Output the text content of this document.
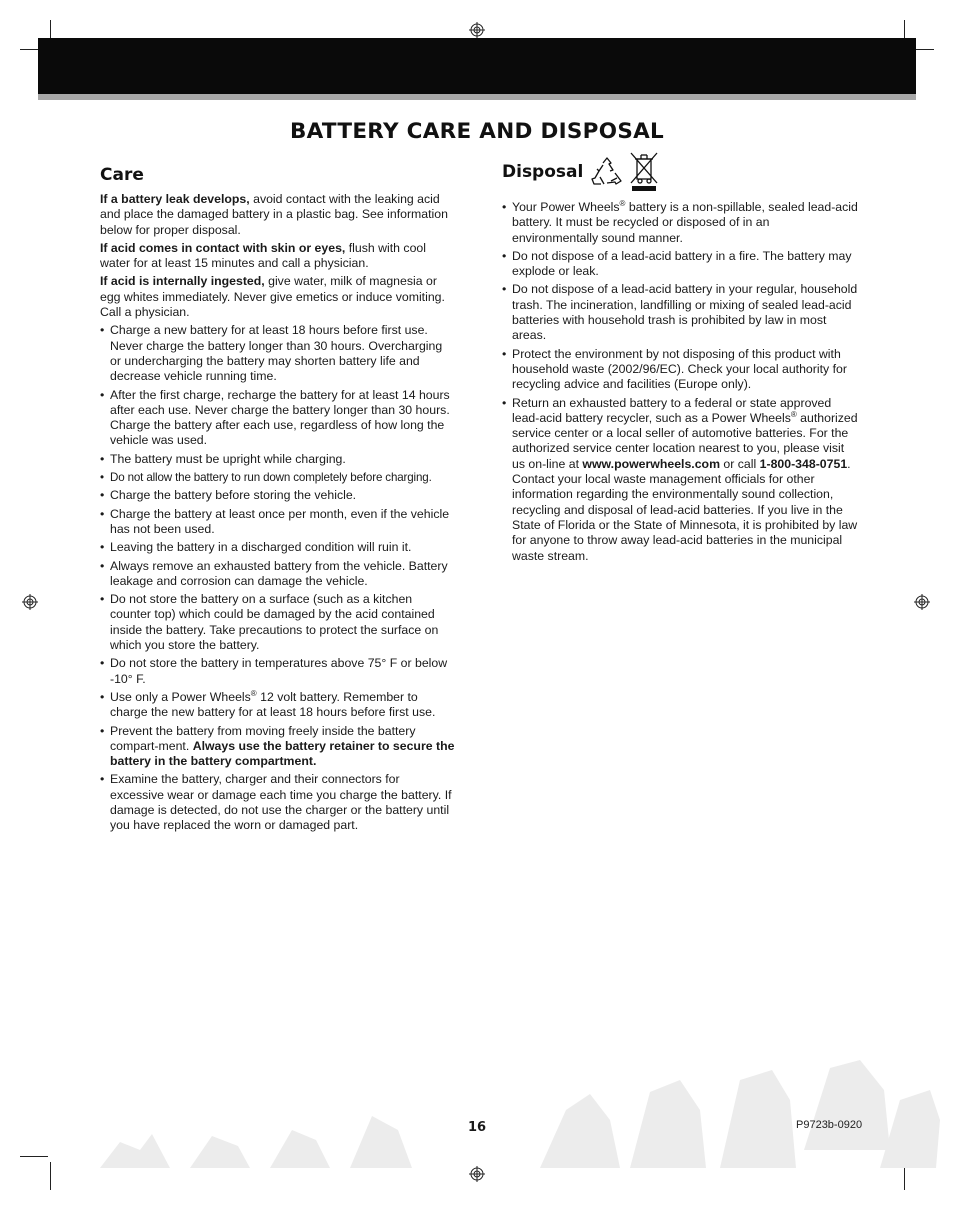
BATTERY CARE AND DISPOSAL
Care

If a battery leak develops, avoid contact with the leaking acid and place the damaged battery in a plastic bag. See information below for proper disposal.

If acid comes in contact with skin or eyes, flush with cool water for at least 15 minutes and call a physician.

If acid is internally ingested, give water, milk of magnesia or egg whites immediately. Never give emetics or induce vomiting. Call a physician.

• Charge a new battery for at least 18 hours before first use. Never charge the battery longer than 30 hours. Overcharging or undercharging the battery may shorten battery life and decrease vehicle running time.
• After the first charge, recharge the battery for at least 14 hours after each use. Never charge the battery longer than 30 hours. Charge the battery after each use, regardless of how long the vehicle was used.
• The battery must be upright while charging.
• Do not allow the battery to run down completely before charging.
• Charge the battery before storing the vehicle.
• Charge the battery at least once per month, even if the vehicle has not been used.
• Leaving the battery in a discharged condition will ruin it.
• Always remove an exhausted battery from the vehicle. Battery leakage and corrosion can damage the vehicle.
• Do not store the battery on a surface (such as a kitchen counter top) which could be damaged by the acid contained inside the battery. Take precautions to protect the surface on which you store the battery.
• Do not store the battery in temperatures above 75° F or below -10° F.
• Use only a Power Wheels® 12 volt battery. Remember to charge the new battery for at least 18 hours before first use.
• Prevent the battery from moving freely inside the battery compart-ment. Always use the battery retainer to secure the battery in the battery compartment.
• Examine the battery, charger and their connectors for excessive wear or damage each time you charge the battery. If damage is detected, do not use the charger or the battery until you have replaced the worn or damaged part.
Disposal
• Your Power Wheels® battery is a non-spillable, sealed lead-acid battery. It must be recycled or disposed of in an environmentally sound manner.
• Do not dispose of a lead-acid battery in a fire. The battery may explode or leak.
• Do not dispose of a lead-acid battery in your regular, household trash. The incineration, landfilling or mixing of sealed lead-acid batteries with household trash is prohibited by law in most areas.
• Protect the environment by not disposing of this product with household waste (2002/96/EC). Check your local authority for recycling advice and facilities (Europe only).
• Return an exhausted battery to a federal or state approved lead-acid battery recycler, such as a Power Wheels® authorized service center or a local seller of automotive batteries. For the authorized service center location nearest to you, please visit us on-line at www.powerwheels.com or call 1-800-348-0751. Contact your local waste management officials for other information regarding the environmentally sound collection, recycling and disposal of lead-acid batteries. If you live in the State of Florida or the State of Minnesota, it is prohibited by law for anyone to throw away lead-acid batteries in the municipal waste stream.
16	P9723b-0920
